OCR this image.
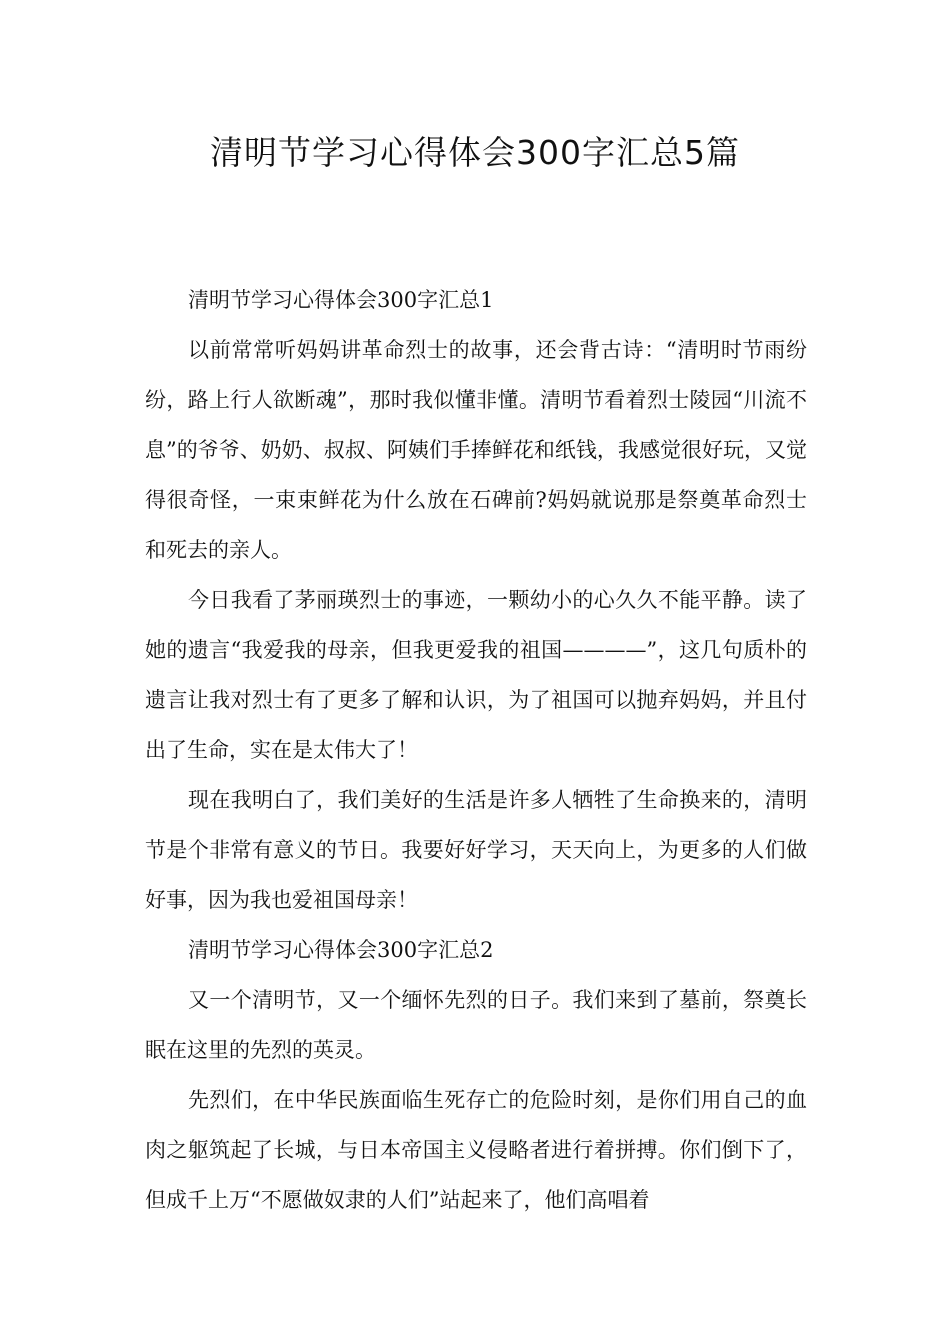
清明节学习心得体会300字汇总5篇

清明节学习心得体会300字汇总1

以前常常听妈妈讲革命烈士的故事，还会背古诗：“清明时节雨纷纷，路上行人欲断魂”，那时我似懂非懂。清明节看着烈士陵园“川流不息”的爷爷、奶奶、叔叔、阿姨们手捧鲜花和纸钱，我感觉很好玩，又觉得很奇怪，一束束鲜花为什么放在石碑前?妈妈就说那是祭奠革命烈士和死去的亲人。

今日我看了茅丽瑛烈士的事迹，一颗幼小的心久久不能平静。读了她的遗言“我爱我的母亲，但我更爱我的祖国————”，这几句质朴的遗言让我对烈士有了更多了解和认识，为了祖国可以抛弃妈妈，并且付出了生命，实在是太伟大了！

现在我明白了，我们美好的生活是许多人牺牲了生命换来的，清明节是个非常有意义的节日。我要好好学习，天天向上，为更多的人们做好事，因为我也爱祖国母亲！

清明节学习心得体会300字汇总2

又一个清明节，又一个缅怀先烈的日子。我们来到了墓前，祭奠长眠在这里的先烈的英灵。

先烈们，在中华民族面临生死存亡的危险时刻，是你们用自己的血肉之躯筑起了长城，与日本帝国主义侵略者进行着拼搏。你们倒下了，但成千上万“不愿做奴隶的人们”站起来了，他们高唱着
